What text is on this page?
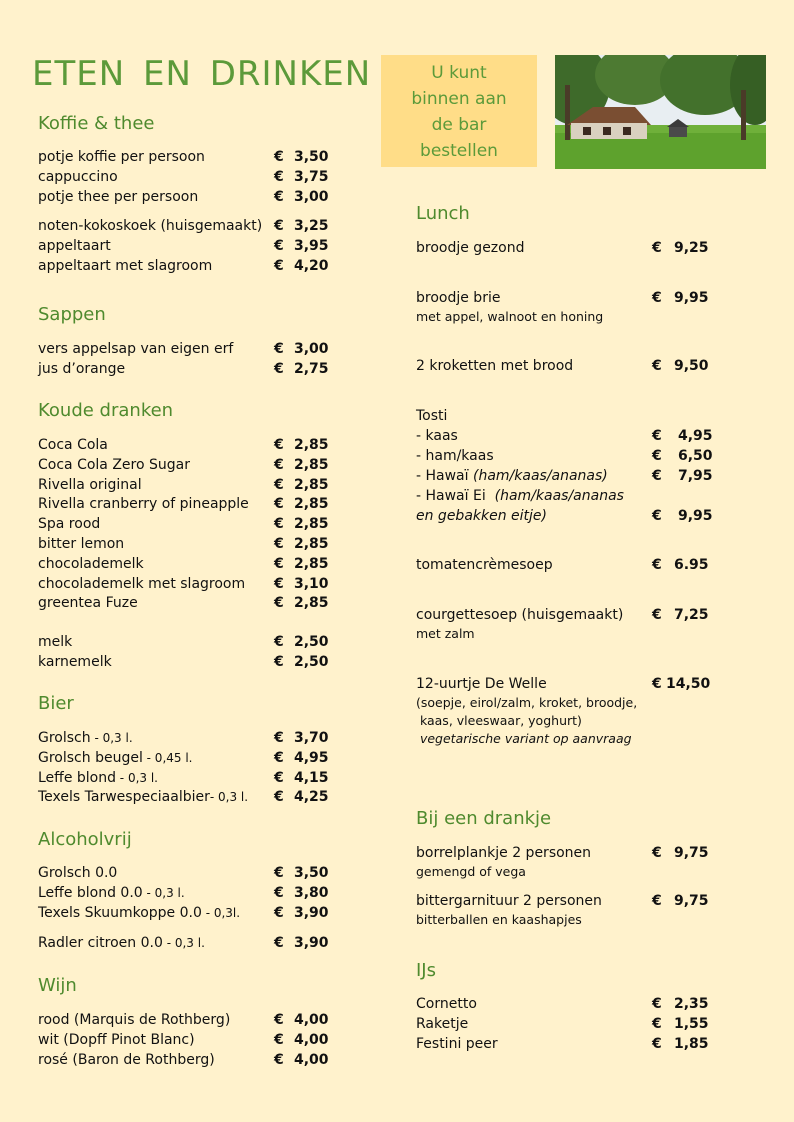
ETEN EN DRINKEN	U kunt
binnen aan
de bar
bestellen
Koffie & thee
potje koffie per persoon	€ 3,50
cappuccino	€ 3,75
potje thee per persoon	€ 3,00
noten-kokoskoek (huisgemaakt) € 3,25
appeltaart	€ 3,95
appeltaart met slagroom	€ 4,20
Sappen
vers appelsap van eigen erf	€ 3,00
jus d’orange	€ 2,75
Koude dranken
Coca Cola	€ 2,85
Coca Cola Zero Sugar	€ 2,85
Rivella original	€ 2,85
Rivella cranberry of pineapple € 2,85
Spa rood	€ 2,85
bitter lemon	€ 2,85
chocolademelk	€ 2,85
chocolademelk met slagroom € 3,10
greentea Fuze	€ 2,85
melk	€ 2,50
karnemelk	€ 2,50
Bier
Grolsch - 0,3 l.	€ 3,70
Grolsch beugel - 0,45 l.	€ 4,95
Leffe blond - 0,3 l.	€ 4,15
Texels Tarwespeciaalbier- 0,3 l. € 4,25
Alcoholvrij
Grolsch 0.0	€ 3,50
Leffe blond 0.0 - 0,3 l.	€ 3,80
Texels Skuumkoppe 0.0 - 0,3l. € 3,90
Radler citroen 0.0 - 0,3 l.	€ 3,90
Wijn
rood (Marquis de Rothberg)	€ 4,00
wit (Dopff Pinot Blanc)	€ 4,00
rosé (Baron de Rothberg)	€ 4,00
Lunch
broodje gezond	€ 9,25
broodje brie	€ 9,95
met appel, walnoot en honing
2 kroketten met brood	€ 9,50
Tosti
- kaas	€ 4,95
- ham/kaas	€ 6,50
- Hawaï (ham/kaas/ananas)	€ 7,95
- Hawaï Ei  (ham/kaas/ananas
en gebakken eitje)	€ 9,95
tomatencrèmesoep	€ 6.95
courgettesoep (huisgemaakt) € 7,25
met zalm
12-uurtje De Welle	€ 14,50
(soepje, eirol/zalm, kroket, broodje,
kaas, vleeswaar, yoghurt)
vegetarische variant op aanvraag
Bij een drankje
borrelplankje 2 personen	€ 9,75
gemengd of vega
bittergarnituur 2 personen	€ 9,75
bitterballen en kaashapjes
IJs
Cornetto	€ 2,35
Raketje	€ 1,55
Festini peer	€ 1,85
